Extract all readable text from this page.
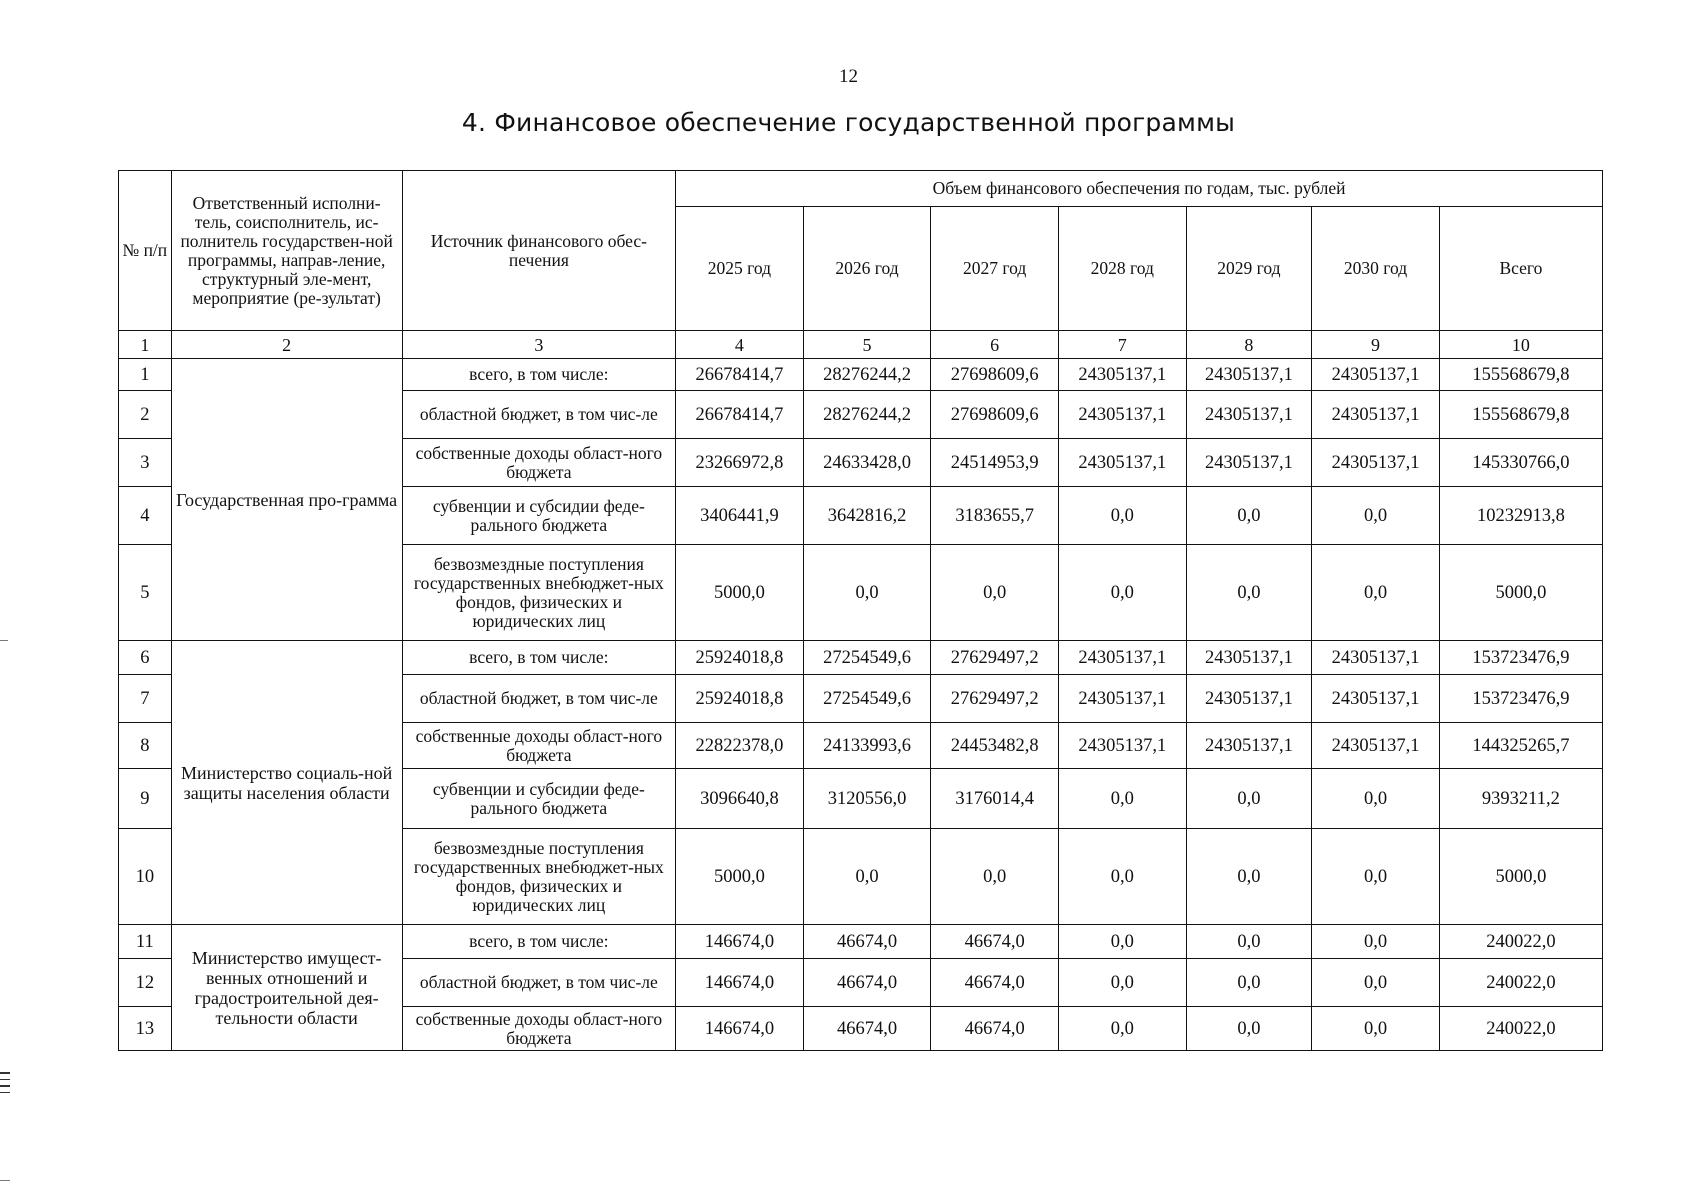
12
4. Финансовое обеспечение государственной программы
№ п/п	Ответственный исполни-тель, соисполнитель, ис-полнитель государствен-ной программы, направ-ление, структурный эле-мент, мероприятие (ре-зультат)	Источник финансового обес-печения	Объем финансового обеспечения по годам, тыс. рублей						
			2025 год	2026 год	2027 год	2028 год	2029 год	2030 год	Всего
1	2	3	4	5	6	7	8	9	10
1	Государственная про-грамма	всего, в том числе:	26678414,7	28276244,2	27698609,6	24305137,1	24305137,1	24305137,1	155568679,8
2		областной бюджет, в том чис-ле	26678414,7	28276244,2	27698609,6	24305137,1	24305137,1	24305137,1	155568679,8
3		собственные доходы област-ного бюджета	23266972,8	24633428,0	24514953,9	24305137,1	24305137,1	24305137,1	145330766,0
4		субвенции и субсидии феде-рального бюджета	3406441,9	3642816,2	3183655,7	0,0	0,0	0,0	10232913,8
5		безвозмездные поступления государственных внебюджет-ных фондов, физических и юридических лиц	5000,0	0,0	0,0	0,0	0,0	0,0	5000,0
6	Министерство социаль-ной защиты населения области	всего, в том числе:	25924018,8	27254549,6	27629497,2	24305137,1	24305137,1	24305137,1	153723476,9
7		областной бюджет, в том чис-ле	25924018,8	27254549,6	27629497,2	24305137,1	24305137,1	24305137,1	153723476,9
8		собственные доходы област-ного бюджета	22822378,0	24133993,6	24453482,8	24305137,1	24305137,1	24305137,1	144325265,7
9		субвенции и субсидии феде-рального бюджета	3096640,8	3120556,0	3176014,4	0,0	0,0	0,0	9393211,2
10		безвозмездные поступления государственных внебюджет-ных фондов, физических и юридических лиц	5000,0	0,0	0,0	0,0	0,0	0,0	5000,0
11	Министерство имущест-венных отношений и градостроительной дея-тельности области	всего, в том числе:	146674,0	46674,0	46674,0	0,0	0,0	0,0	240022,0
12		областной бюджет, в том чис-ле	146674,0	46674,0	46674,0	0,0	0,0	0,0	240022,0
13		собственные доходы област-ного бюджета	146674,0	46674,0	46674,0	0,0	0,0	0,0	240022,0
